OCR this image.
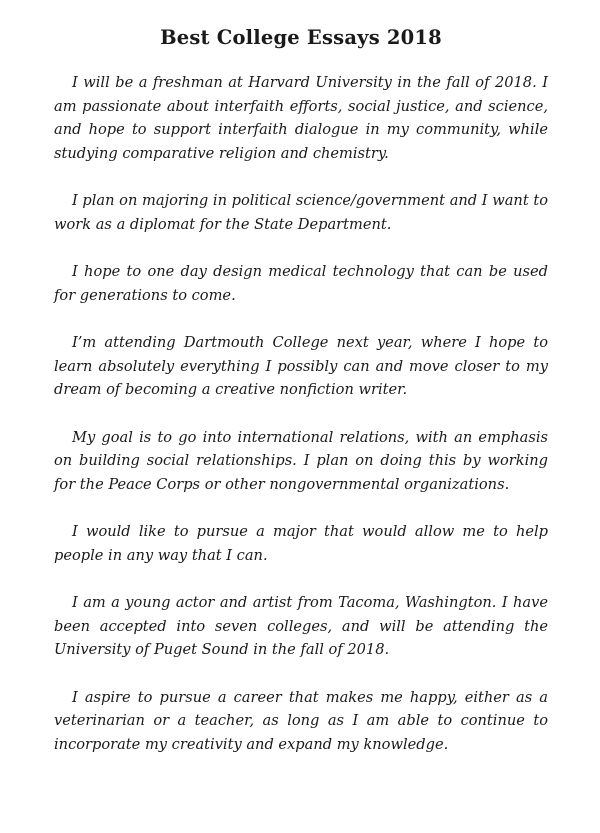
Best College Essays 2018

I will be a freshman at Harvard University in the fall of 2018. I am passionate about interfaith efforts, social justice, and science, and hope to support interfaith dialogue in my community, while studying comparative religion and chemistry.

I plan on majoring in political science/government and I want to work as a diplomat for the State Department.

I hope to one day design medical technology that can be used for generations to come.

I’m attending Dartmouth College next year, where I hope to learn absolutely everything I possibly can and move closer to my dream of becoming a creative nonfiction writer.

My goal is to go into international relations, with an emphasis on building social relationships. I plan on doing this by working for the Peace Corps or other nongovernmental organizations.

I would like to pursue a major that would allow me to help people in any way that I can.

I am a young actor and artist from Tacoma, Washington. I have been accepted into seven colleges, and will be attending the University of Puget Sound in the fall of 2018.

I aspire to pursue a career that makes me happy, either as a veterinarian or a teacher, as long as I am able to continue to incorporate my creativity and expand my knowledge.
